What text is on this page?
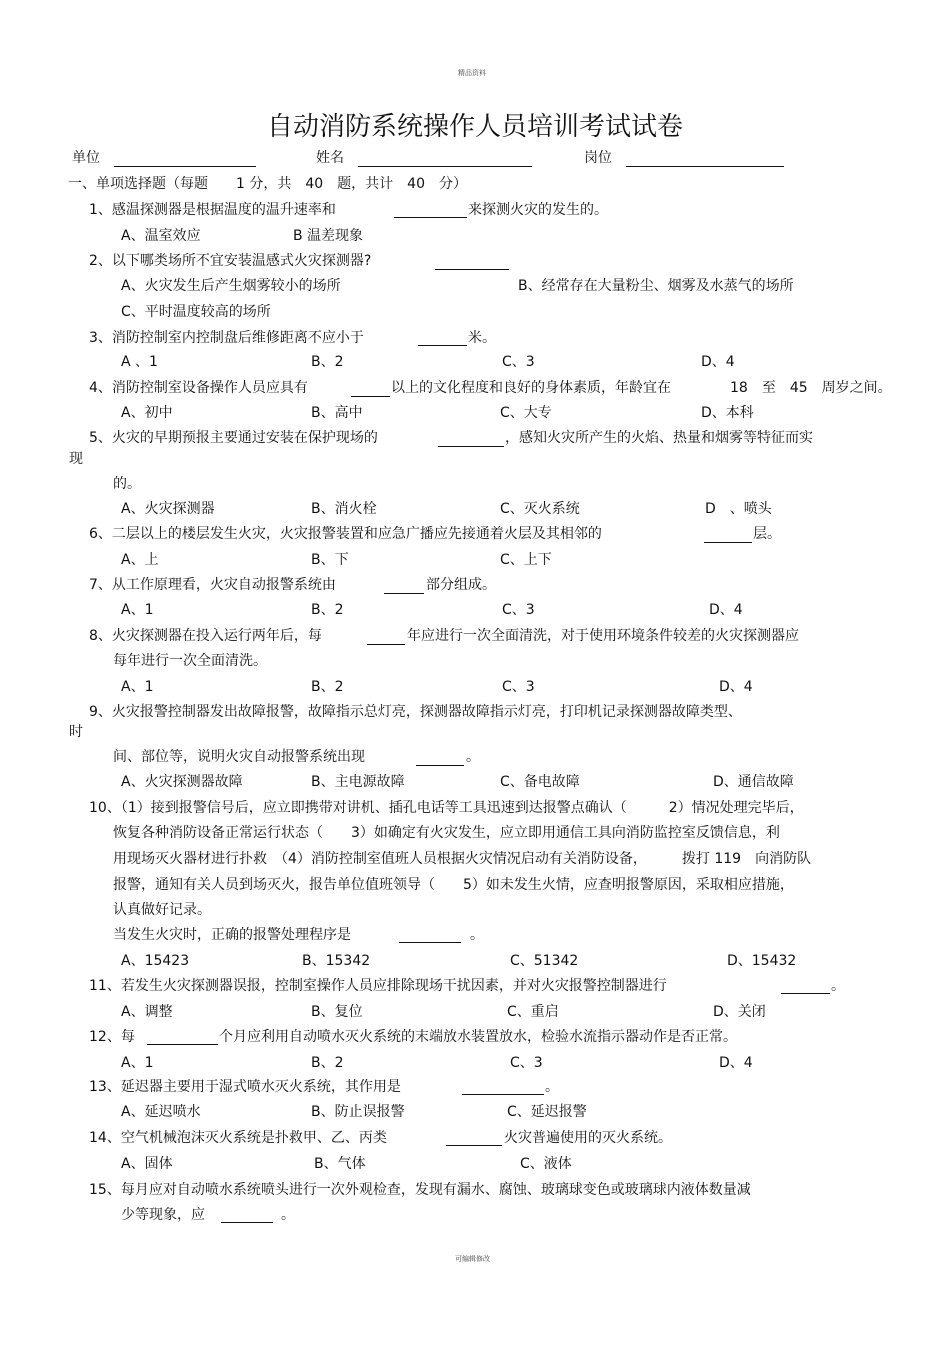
精品资料
自动消防系统操作人员培训考试试卷
单位	姓名	岗位
一、单项选择题（每题　　1 分，共　40　题，共计　40　分）
1、感温探测器是根据温度的温升速率和	来探测火灾的发生的。
A、温室效应	B 温差现象
2、以下哪类场所不宜安装温感式火灾探测器?
A、火灾发生后产生烟雾较小的场所	B、经常存在大量粉尘、烟雾及水蒸气的场所
C、平时温度较高的场所
3、消防控制室内控制盘后维修距离不应小于	米。
A 、1	B、2	C、3	D、4
4、消防控制室设备操作人员应具有	以上的文化程度和良好的身体素质，年龄宜在	18　至　45　周岁之间。
A、初中	B、高中	C、大专	D、本科
5、火灾的早期预报主要通过安装在保护现场的	，感知火灾所产生的火焰、热量和烟雾等特征而实
现
的。
A、火灾探测器	B、消火栓	C、灭火系统	D　、喷头
6、二层以上的楼层发生火灾，火灾报警装置和应急广播应先接通着火层及其相邻的	层。
A、上	B、下	C、上下
7、从工作原理看，火灾自动报警系统由	部分组成。
A、1	B、2	C、3	D、4
8、火灾探测器在投入运行两年后，每	年应进行一次全面清洗，对于使用环境条件较差的火灾探测器应
每年进行一次全面清洗。
A、1	B、2	C、3	D、4
9、火灾报警控制器发出故障报警，故障指示总灯亮，探测器故障指示灯亮，打印机记录探测器故障类型、
时
间、部位等，说明火灾自动报警系统出现	。
A、火灾探测器故障	B、主电源故障	C、备电故障	D、通信故障
10、（1）接到报警信号后，应立即携带对讲机、插孔电话等工具迅速到达报警点确认（　　　2）情况处理完毕后，
恢复各种消防设备正常运行状态（　　3）如确定有火灾发生，应立即用通信工具向消防监控室反馈信息，利
用现场灭火器材进行扑救　（4）消防控制室值班人员根据火灾情况启动有关消防设备，　　　拨打 119　向消防队
报警，通知有关人员到场灭火，报告单位值班领导（　　5）如未发生火情，应查明报警原因，采取相应措施，
认真做好记录。
当发生火灾时，正确的报警处理程序是	。
A、15423	B、15342	C、51342	D、15432
11、若发生火灾探测器误报，控制室操作人员应排除现场干扰因素，并对火灾报警控制器进行	。
A、调整	B、复位	C、重启	D、关闭
12、每	个月应利用自动喷水灭火系统的末端放水装置放水，检验水流指示器动作是否正常。
A、1	B、2	C、3	D、4
13、延迟器主要用于湿式喷水灭火系统，其作用是	。
A、延迟喷水	B、防止误报警	C、延迟报警
14、空气机械泡沫灭火系统是扑救甲、乙、丙类	火灾普遍使用的灭火系统。
A、固体	B、气体	C、液体
15、每月应对自动喷水系统喷头进行一次外观检查，发现有漏水、腐蚀、玻璃球变色或玻璃球内液体数量减
少等现象，应	。
可编辑修改
